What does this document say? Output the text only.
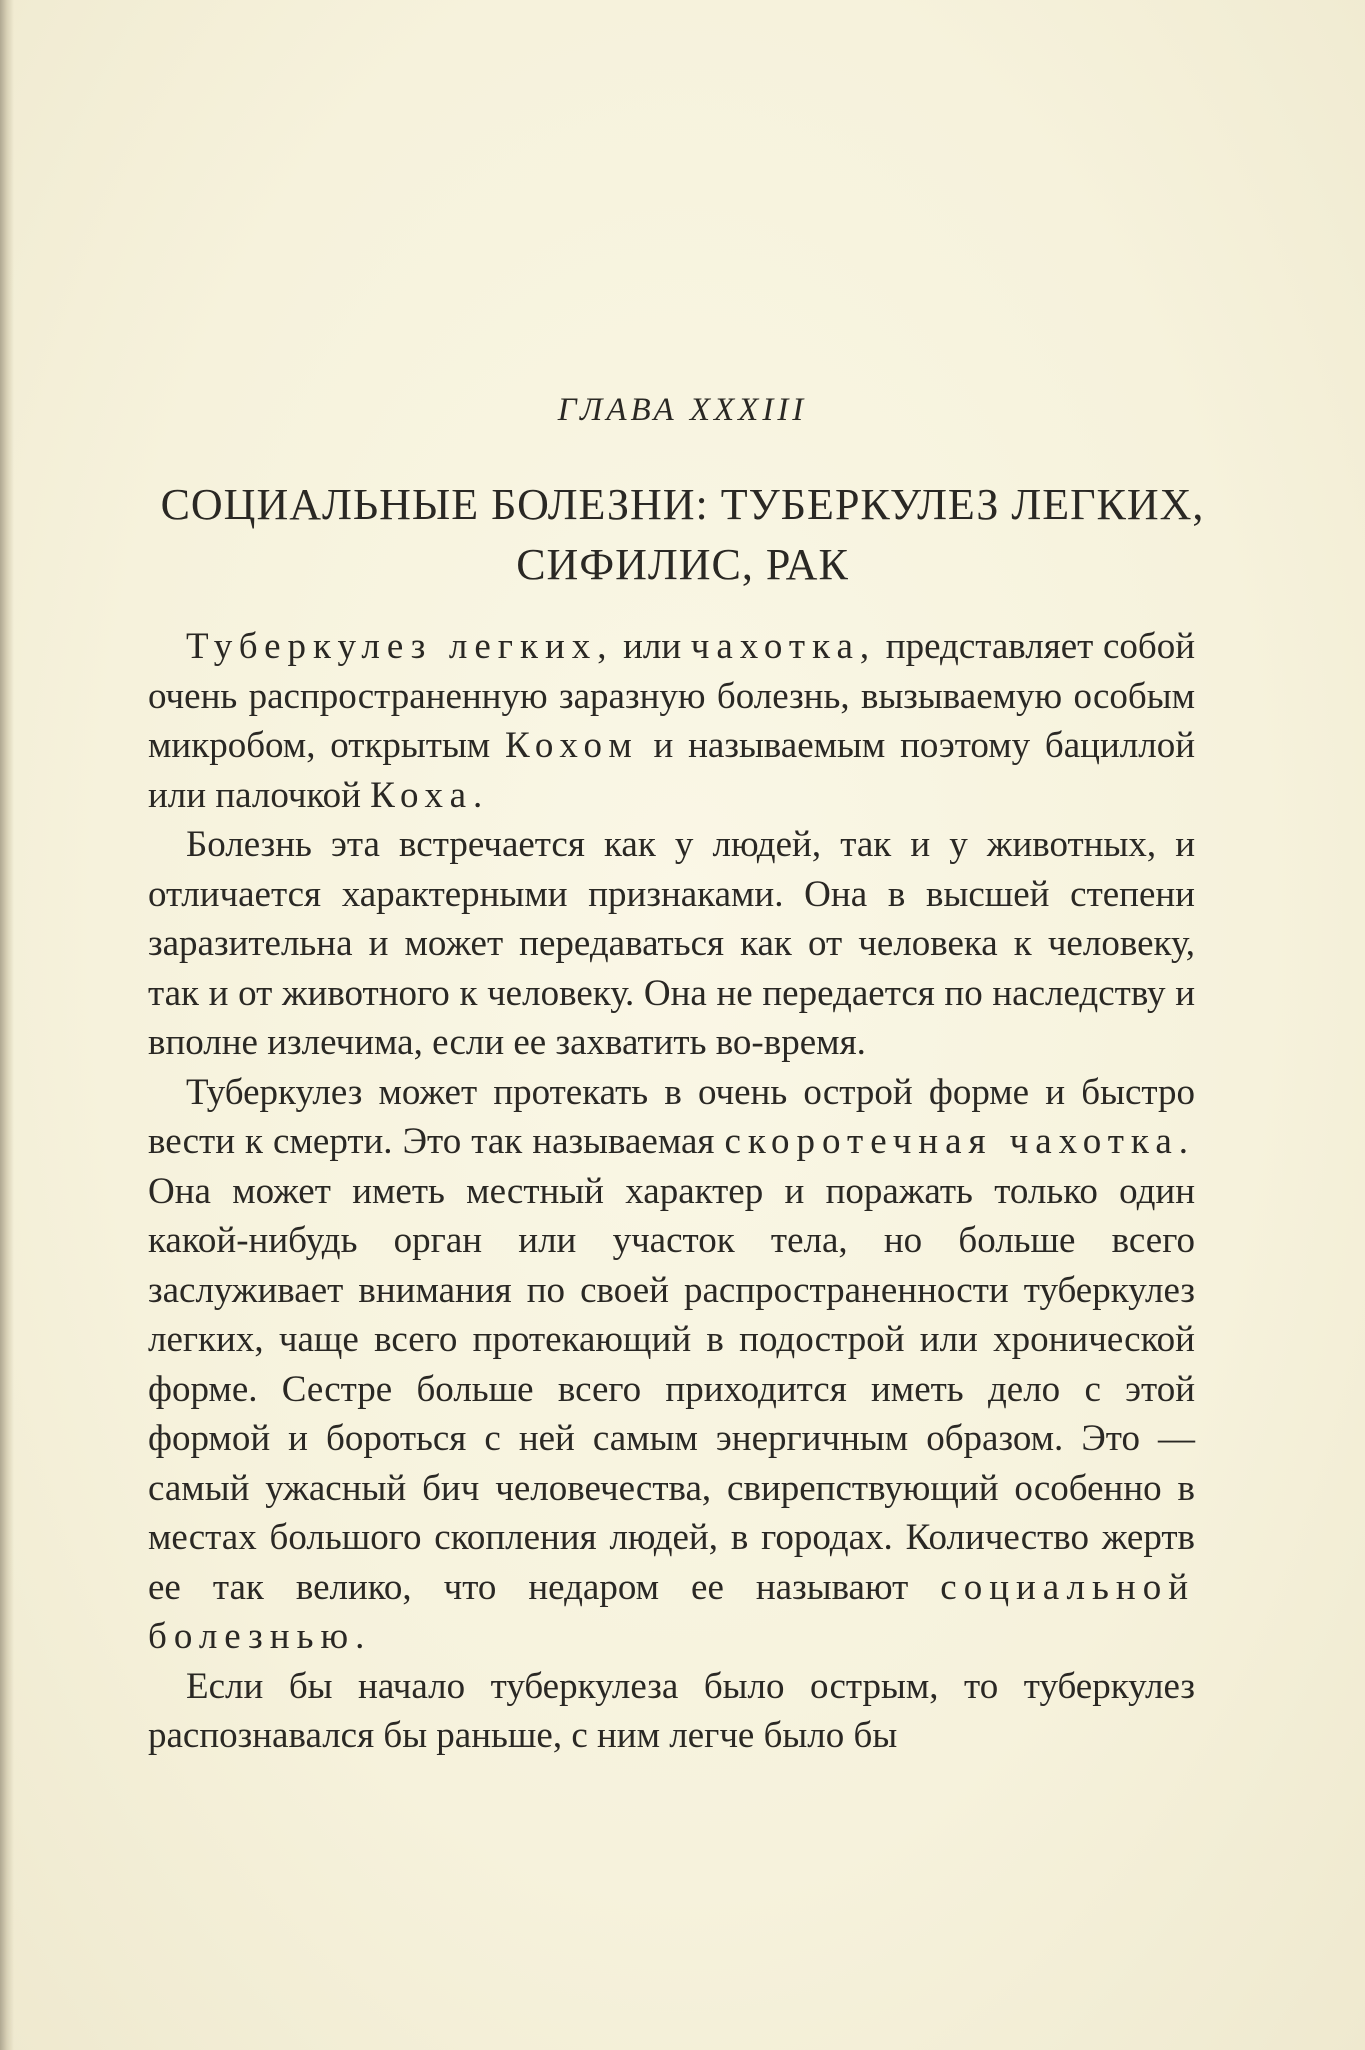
ГЛАВА XXXIII
СОЦИАЛЬНЫЕ БОЛЕЗНИ: ТУБЕРКУЛЕЗ ЛЕГКИХ,
СИФИЛИС, РАК

Туберкулез легких, или чахотка, представляет собой очень распространенную заразную болезнь, вызываемую особым микробом, открытым Кохом и называемым поэтому бациллой или палочкой Коха.

Болезнь эта встречается как у людей, так и у животных, и отличается характерными признаками. Она в высшей степени заразительна и может передаваться как от человека к человеку, так и от животного к человеку. Она не передается по наследству и вполне излечима, если ее захватить во-время.

Туберкулез может протекать в очень острой форме и быстро вести к смерти. Это так называемая скоротечная чахотка. Она может иметь местный характер и поражать только один какой-нибудь орган или участок тела, но больше всего заслуживает внимания по своей распространенности туберкулез легких, чаще всего протекающий в подострой или хронической форме. Сестре больше всего приходится иметь дело с этой формой и бороться с ней самым энергичным образом. Это — самый ужасный бич человечества, свирепствующий особенно в местах большого скопления людей, в городах. Количество жертв ее так велико, что недаром ее называют социальной болезнью.

Если бы начало туберкулеза было острым, то туберкулез распознавался бы раньше, с ним легче было бы
